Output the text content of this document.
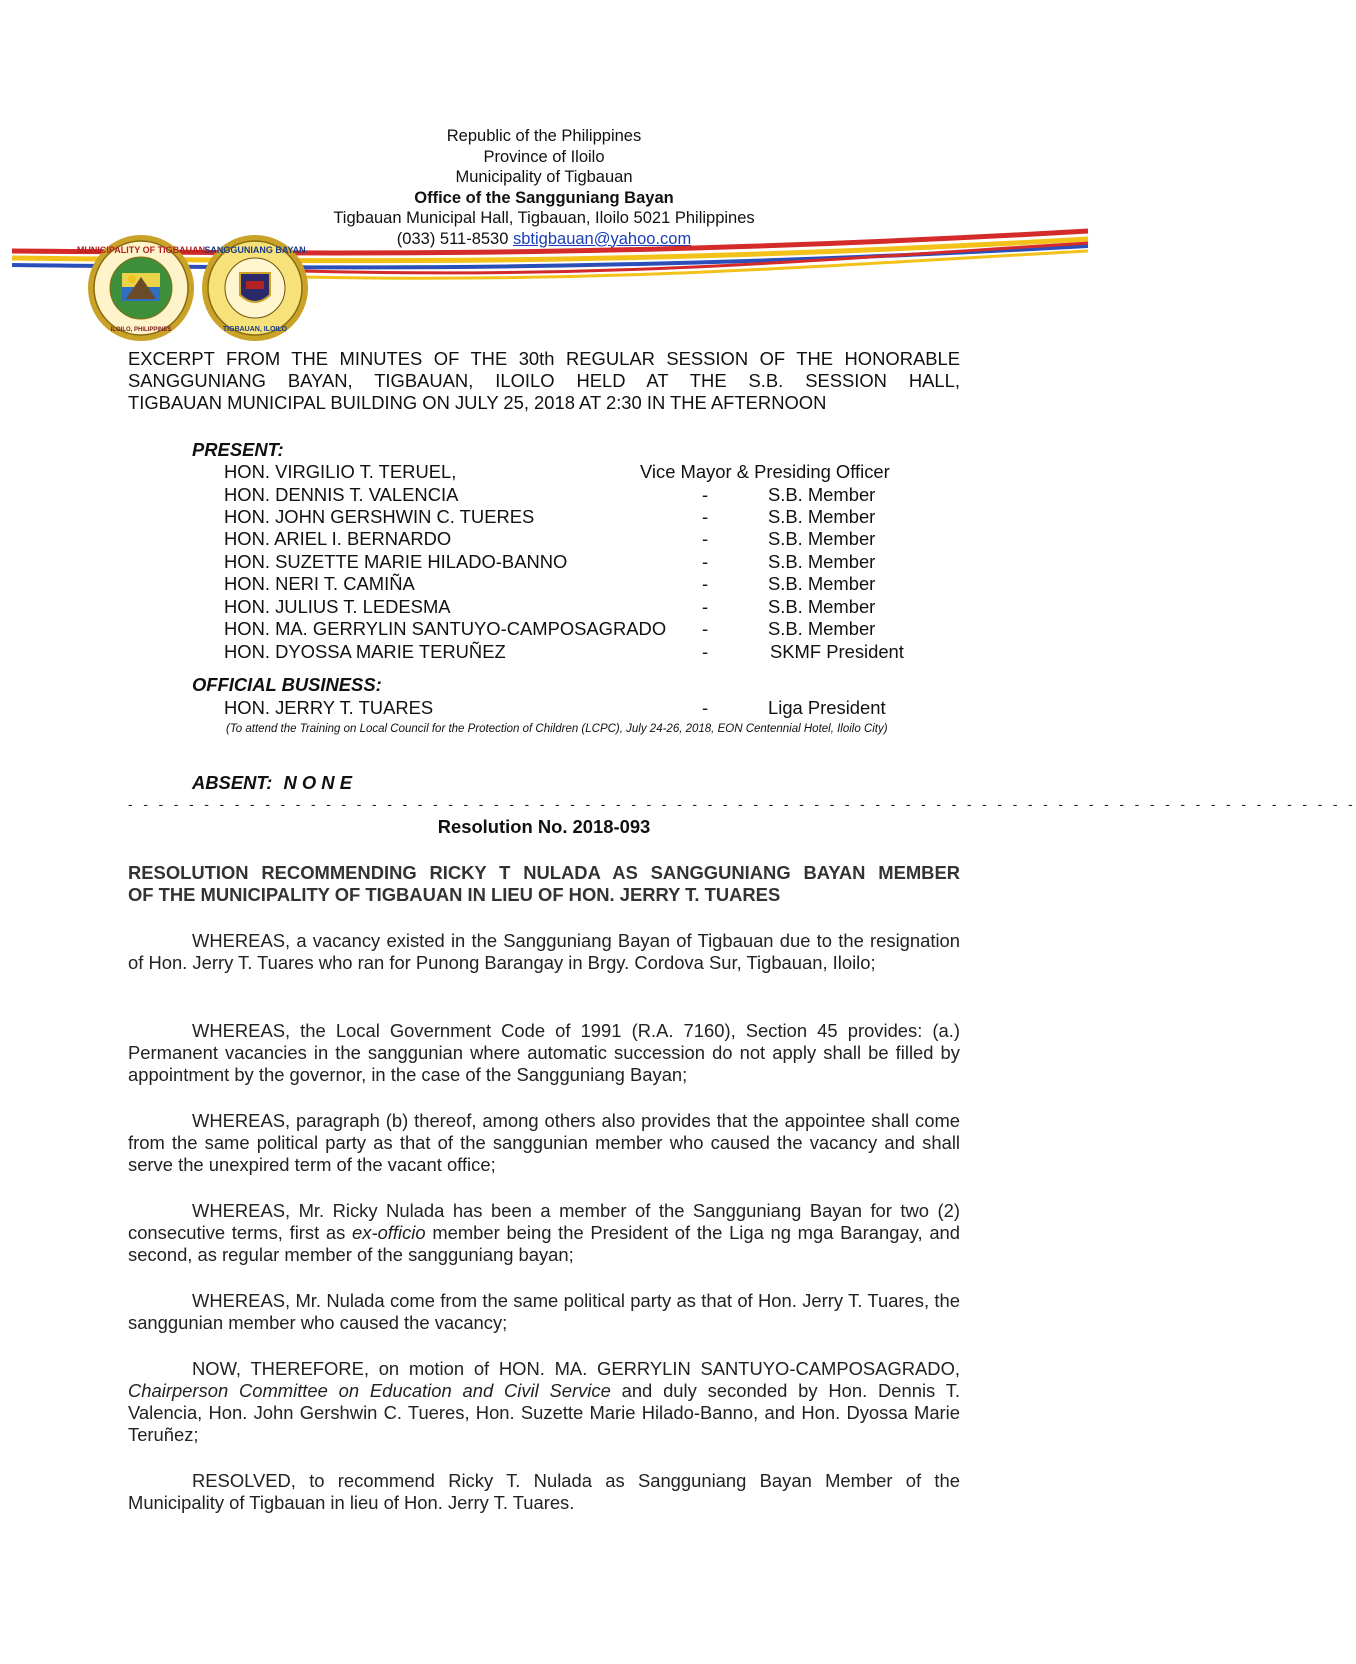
Republic of the Philippines
Province of Iloilo
Municipality of Tigbauan
Office of the Sangguniang Bayan
Tigbauan Municipal Hall, Tigbauan, Iloilo 5021 Philippines
(033) 511-8530 sbtigbauan@yahoo.com
MUNICIPALITY OF TIGBAUAN
ILOILO, PHILIPPINES
SANGGUNIANG BAYAN
TIGBAUAN, ILOILO
EXCERPT FROM THE MINUTES OF THE 30th REGULAR SESSION OF THE HONORABLE
SANGGUNIANG BAYAN, TIGBAUAN, ILOILO HELD AT THE S.B. SESSION HALL,
TIGBAUAN MUNICIPAL BUILDING ON JULY 25, 2018 AT 2:30 IN THE AFTERNOON
PRESENT:
HON. VIRGILIO T. TERUEL,	Vice Mayor & Presiding Officer
HON. DENNIS T. VALENCIA	-	S.B. Member
HON. JOHN GERSHWIN C. TUERES	-	S.B. Member
HON. ARIEL I. BERNARDO	-	S.B. Member
HON. SUZETTE MARIE HILADO-BANNO	-	S.B. Member
HON. NERI T. CAMIÑA	-	S.B. Member
HON. JULIUS T. LEDESMA	-	S.B. Member
HON. MA. GERRYLIN SANTUYO-CAMPOSAGRADO -	S.B. Member
HON. DYOSSA MARIE TERUÑEZ	-	SKMF President
OFFICIAL BUSINESS:
HON. JERRY T. TUARES	-	Liga President
(To attend the Training on Local Council for the Protection of Children (LCPC), July 24-26, 2018, EON Centennial Hotel, Iloilo City)
ABSENT: N O N E
- - - - - - - - - - - - - - - - - - - - - - - - - - - - - - - - - - - - - - - - - - - - - - - - - - - - - - - - - - - - - - - - - - - - - - - - - - - - - - - - -
Resolution No. 2018-093
RESOLUTION RECOMMENDING RICKY T NULADA AS SANGGUNIANG BAYAN MEMBER
OF THE MUNICIPALITY OF TIGBAUAN IN LIEU OF HON. JERRY T. TUARES
WHEREAS, a vacancy existed in the Sangguniang Bayan of Tigbauan due to the resignation of Hon. Jerry T. Tuares who ran for Punong Barangay in Brgy. Cordova Sur, Tigbauan, Iloilo;
WHEREAS, the Local Government Code of 1991 (R.A. 7160), Section 45 provides: (a.) Permanent vacancies in the sanggunian where automatic succession do not apply shall be filled by appointment by the governor, in the case of the Sangguniang Bayan;
WHEREAS, paragraph (b) thereof, among others also provides that the appointee shall come from the same political party as that of the sanggunian member who caused the vacancy and shall serve the unexpired term of the vacant office;
WHEREAS, Mr. Ricky Nulada has been a member of the Sangguniang Bayan for two (2) consecutive terms, first as ex-officio member being the President of the Liga ng mga Barangay, and second, as regular member of the sangguniang bayan;
WHEREAS, Mr. Nulada come from the same political party as that of Hon. Jerry T. Tuares, the sanggunian member who caused the vacancy;
NOW, THEREFORE, on motion of HON. MA. GERRYLIN SANTUYO-CAMPOSAGRADO, Chairperson Committee on Education and Civil Service and duly seconded by Hon. Dennis T. Valencia, Hon. John Gershwin C. Tueres, Hon. Suzette Marie Hilado-Banno, and Hon. Dyossa Marie Teruñez;
RESOLVED, to recommend Ricky T. Nulada as Sangguniang Bayan Member of the Municipality of Tigbauan in lieu of Hon. Jerry T. Tuares.
